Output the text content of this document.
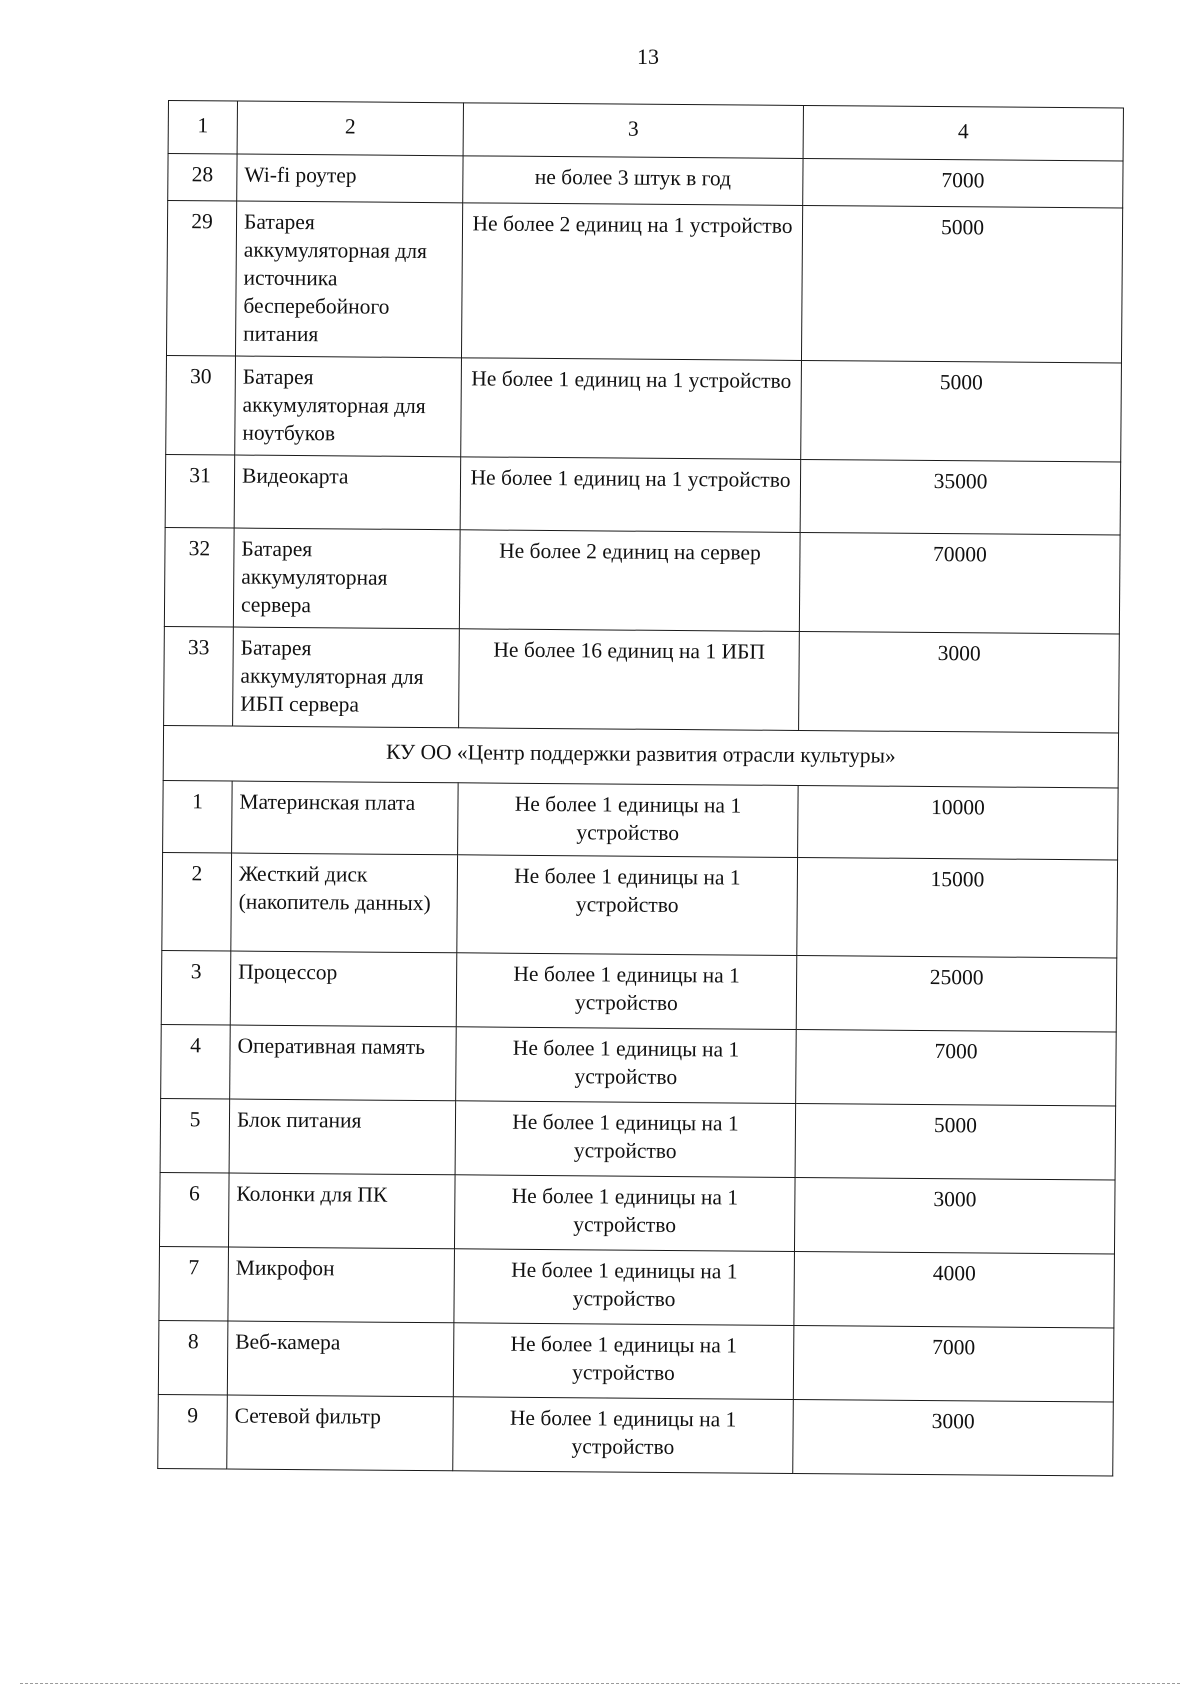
13
1	2	3	4
28	Wi-fi роутер	не более 3 штук в год	7000
29	Батарея аккумуляторная для источника бесперебойного питания	Не более 2 единиц на 1 устройство	5000
30	Батарея аккумуляторная для ноутбуков	Не более 1 единиц на 1 устройство	5000
31	Видеокарта	Не более 1 единиц на 1 устройство	35000
32	Батарея аккумуляторная сервера	Не более 2 единиц на сервер	70000
33	Батарея аккумуляторная для ИБП сервера	Не более 16 единиц на 1 ИБП	3000
КУ ОО «Центр поддержки развития отрасли культуры»			
1	Материнская плата	Не более 1 единицы на 1 устройство	10000
2	Жесткий диск (накопитель данных)	Не более 1 единицы на 1 устройство	15000
3	Процессор	Не более 1 единицы на 1 устройство	25000
4	Оперативная память	Не более 1 единицы на 1 устройство	7000
5	Блок питания	Не более 1 единицы на 1 устройство	5000
6	Колонки для ПК	Не более 1 единицы на 1 устройство	3000
7	Микрофон	Не более 1 единицы на 1 устройство	4000
8	Веб-камера	Не более 1 единицы на 1 устройство	7000
9	Сетевой фильтр	Не более 1 единицы на 1 устройство	3000
